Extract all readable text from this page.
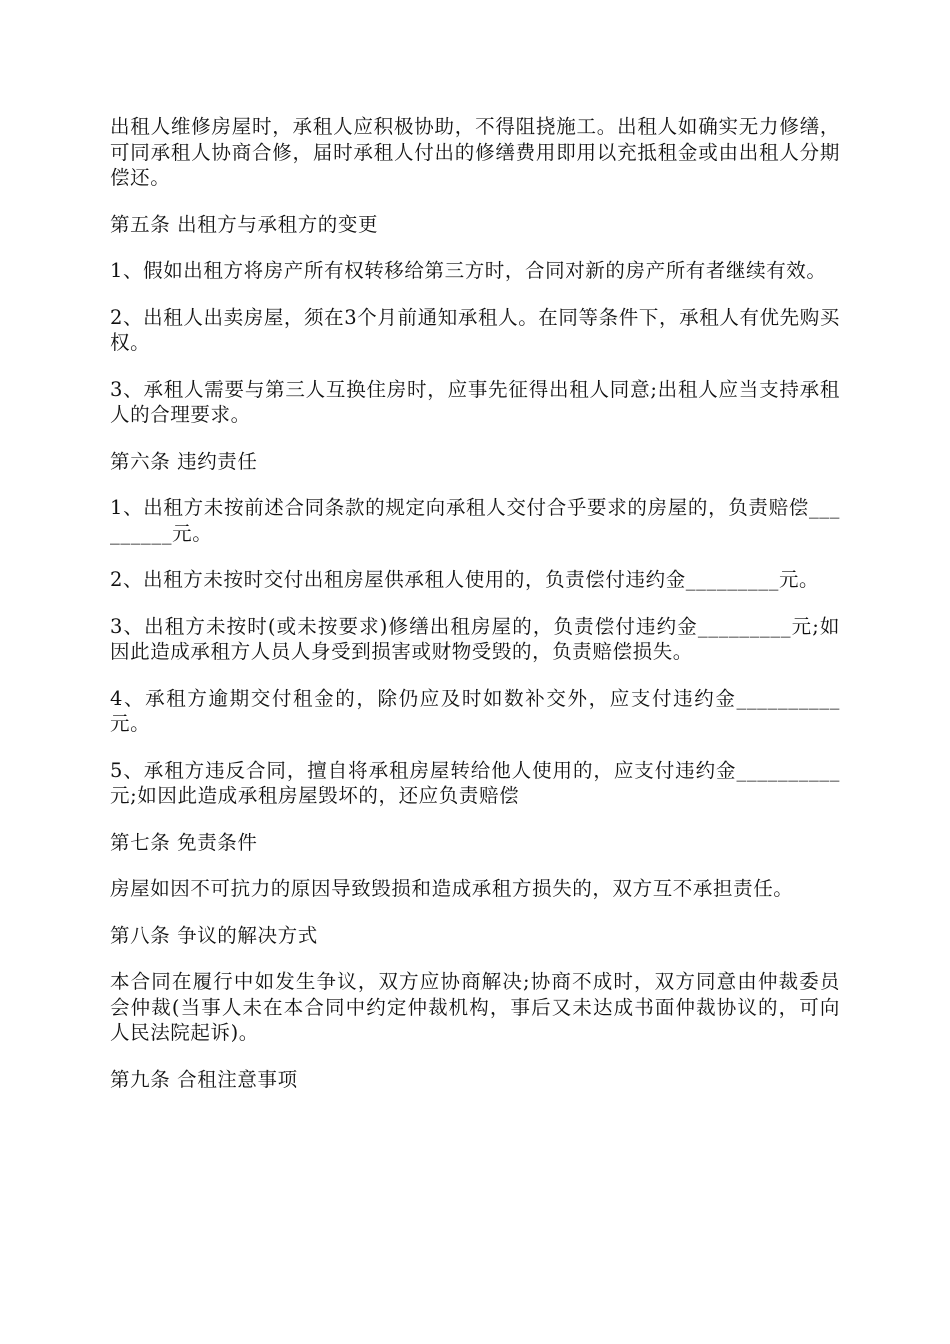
出租人维修房屋时，承租人应积极协助，不得阻挠施工。出租人如确实无力修缮，可同承租人协商合修，届时承租人付出的修缮费用即用以充抵租金或由出租人分期偿还。

第五条 出租方与承租方的变更

1、假如出租方将房产所有权转移给第三方时，合同对新的房产所有者继续有效。

2、出租人出卖房屋，须在3个月前通知承租人。在同等条件下，承租人有优先购买权。

3、承租人需要与第三人互换住房时，应事先征得出租人同意;出租人应当支持承租人的合理要求。

第六条 违约责任

1、出租方未按前述合同条款的规定向承租人交付合乎要求的房屋的，负责赔偿_________元。

2、出租方未按时交付出租房屋供承租人使用的，负责偿付违约金_________元。

3、出租方未按时(或未按要求)修缮出租房屋的，负责偿付违约金_________元;如因此造成承租方人员人身受到损害或财物受毁的，负责赔偿损失。

4、承租方逾期交付租金的，除仍应及时如数补交外，应支付违约金__________元。

5、承租方违反合同，擅自将承租房屋转给他人使用的，应支付违约金__________元;如因此造成承租房屋毁坏的，还应负责赔偿

第七条 免责条件

房屋如因不可抗力的原因导致毁损和造成承租方损失的，双方互不承担责任。

第八条 争议的解决方式

本合同在履行中如发生争议，双方应协商解决;协商不成时，双方同意由仲裁委员会仲裁(当事人未在本合同中约定仲裁机构，事后又未达成书面仲裁协议的，可向人民法院起诉)。

第九条 合租注意事项
